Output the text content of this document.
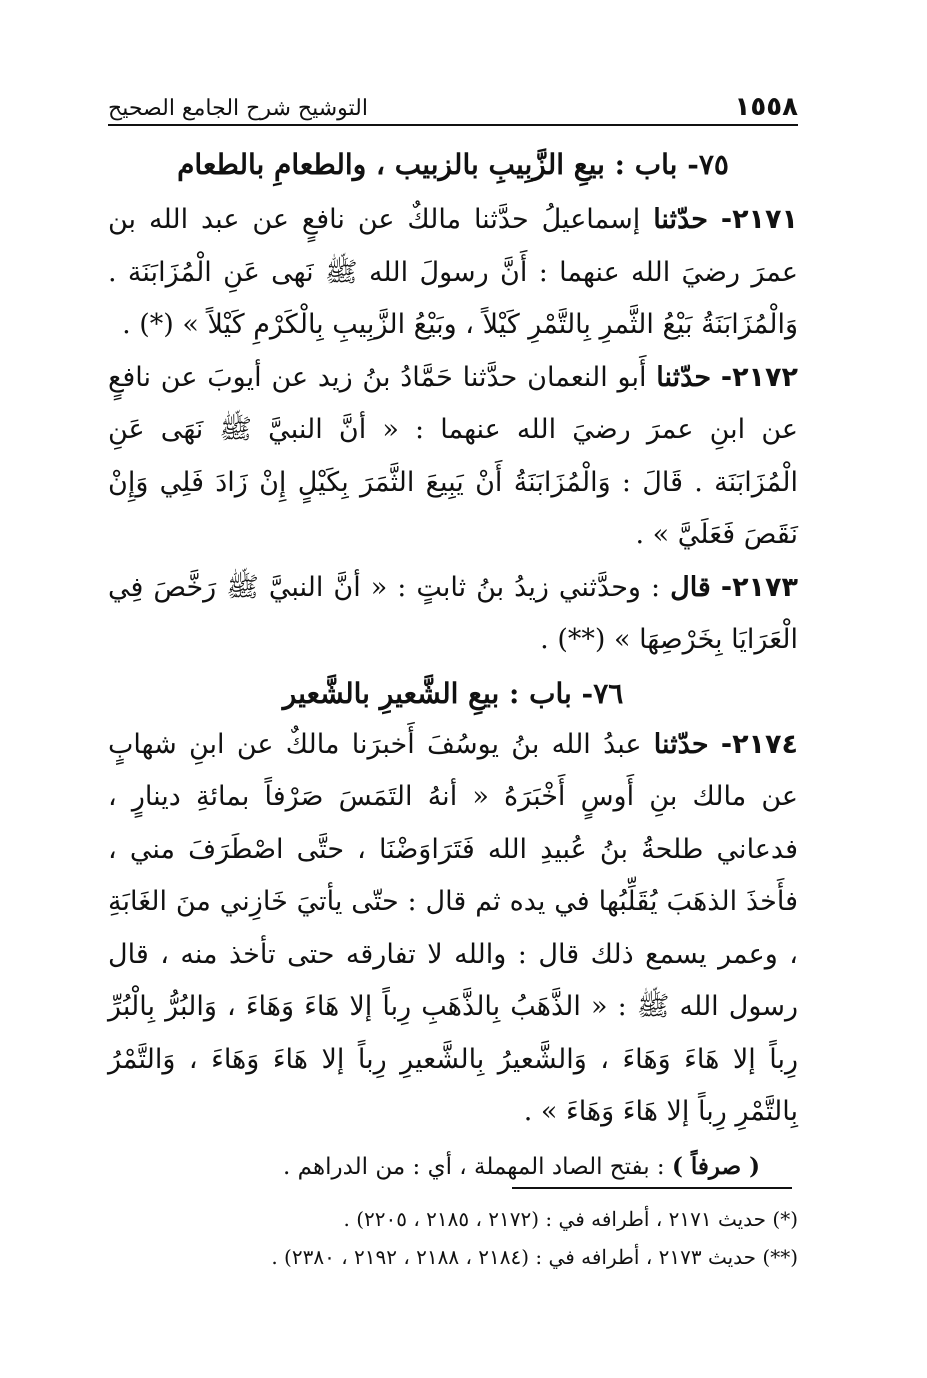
١٥٥٨
التوشيح شرح الجامع الصحيح
٧٥- باب : بيعِ الزَّبِيبِ بالزبيب ، والطعامِ بالطعام

٢١٧١- حدّثنا إسماعيلُ حدَّثنا مالكٌ عن نافعٍ عن عبد الله بن عمرَ رضيَ الله عنهما : أَنَّ رسولَ الله ﷺ نَهى عَنِ الْمُزَابَنَة . وَالْمُزَابَنَةُ بَيْعُ الثَّمرِ بِالتَّمْرِ كَيْلاً ، وبَيْعُ الزَّبِيبِ بِالْكَرْمِ كَيْلاً » (*) .

٢١٧٢- حدّثنا أَبو النعمان حدَّثنا حَمَّادُ بنُ زيد عن أيوبَ عن نافعٍ عن ابنِ عمرَ رضيَ الله عنهما : « أنَّ النبيَّ ﷺ نَهَى عَنِ الْمُزَابَنَة . قَالَ : وَالْمُزَابَنَةُ أَنْ يَبِيعَ الثَّمَرَ بِكَيْلٍ إِنْ زَادَ فَلِي وَإِنْ نَقَصَ فَعَلَيَّ » .

٢١٧٣- قال : وحدَّثني زيدُ بنُ ثابتٍ : « أنَّ النبيَّ ﷺ رَخَّصَ فِي الْعَرَايَا بِخَرْصِهَا » (**) .

٧٦- باب : بيعِ الشَّعيرِ بالشَّعير

٢١٧٤- حدّثنا عبدُ الله بنُ يوسُفَ أَخبرَنا مالكٌ عن ابنِ شهابٍ عن مالك بنِ أَوسٍ أَخْبَرَهُ « أنهُ التَمَسَ صَرْفاً بمائةِ دينارٍ ، فدعاني طلحةُ بنُ عُبيدِ الله فَتَرَاوَضْنَا ، حتَّى اصْطَرَفَ مني ، فأَخذَ الذهَبَ يُقَلِّبُها في يده ثم قال : حتّى يأتيَ خَازِني منَ الغَابَةِ ، وعمر يسمع ذلك قال : والله لا تفارقه حتى تأخذ منه ، قال رسول الله ﷺ : « الذَّهَبُ بِالذَّهَبِ رِباً إلا هَاءَ وَهَاءَ ، وَالبُرُّ بِالْبُرِّ رِباً إلا هَاءَ وَهَاءَ ، وَالشَّعيرُ بِالشَّعيرِ رِباً إلا هَاءَ وَهَاءَ ، وَالتَّمْرُ بِالتَّمْرِ رِباً إلا هَاءَ وَهَاءَ » .

( صرفاً ) : بفتح الصاد المهملة ، أي : من الدراهم .

(*) حديث ٢١٧١ ، أطرافه في : (٢١٧٢ ، ٢١٨٥ ، ٢٢٠٥) .

(**) حديث ٢١٧٣ ، أطرافه في : (٢١٨٤ ، ٢١٨٨ ، ٢١٩٢ ، ٢٣٨٠) .
